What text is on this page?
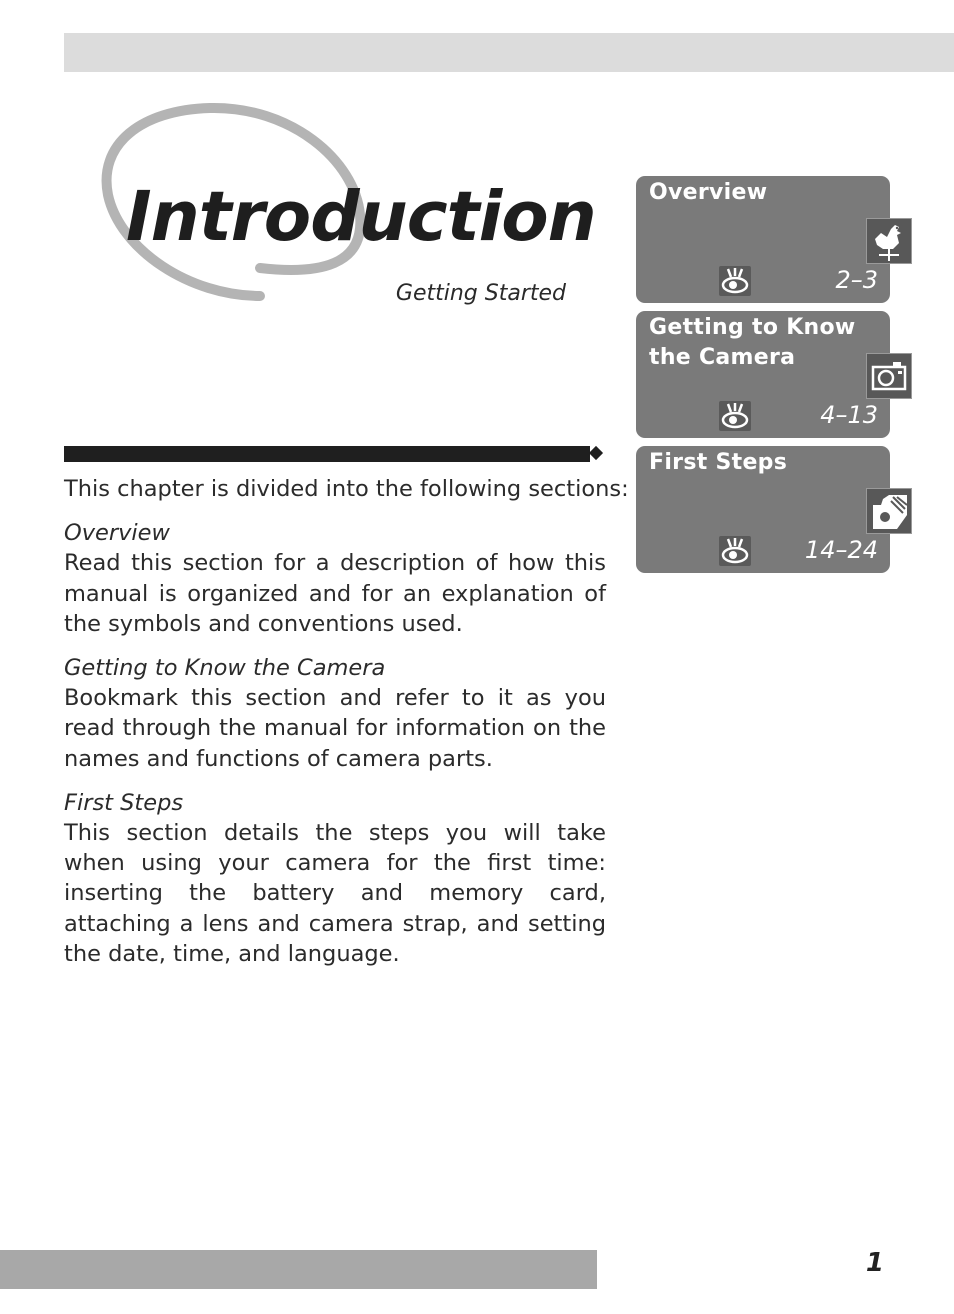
Introduction
Getting Started

This chapter is divided into the following sections:

Overview

Read this section for a description of how this manual is organized and for an explanation of the symbols and conventions used.

Getting to Know the Camera

Bookmark this section and refer to it as you read through the manual for information on the names and functions of camera parts.

First Steps

This section details the steps you will take when using your camera for the first time: inserting the battery and memory card, attaching a lens and camera strap, and setting the date, time, and language.

Overview
2–3
Getting to Know the Camera
4–13
First Steps
14–24
1
